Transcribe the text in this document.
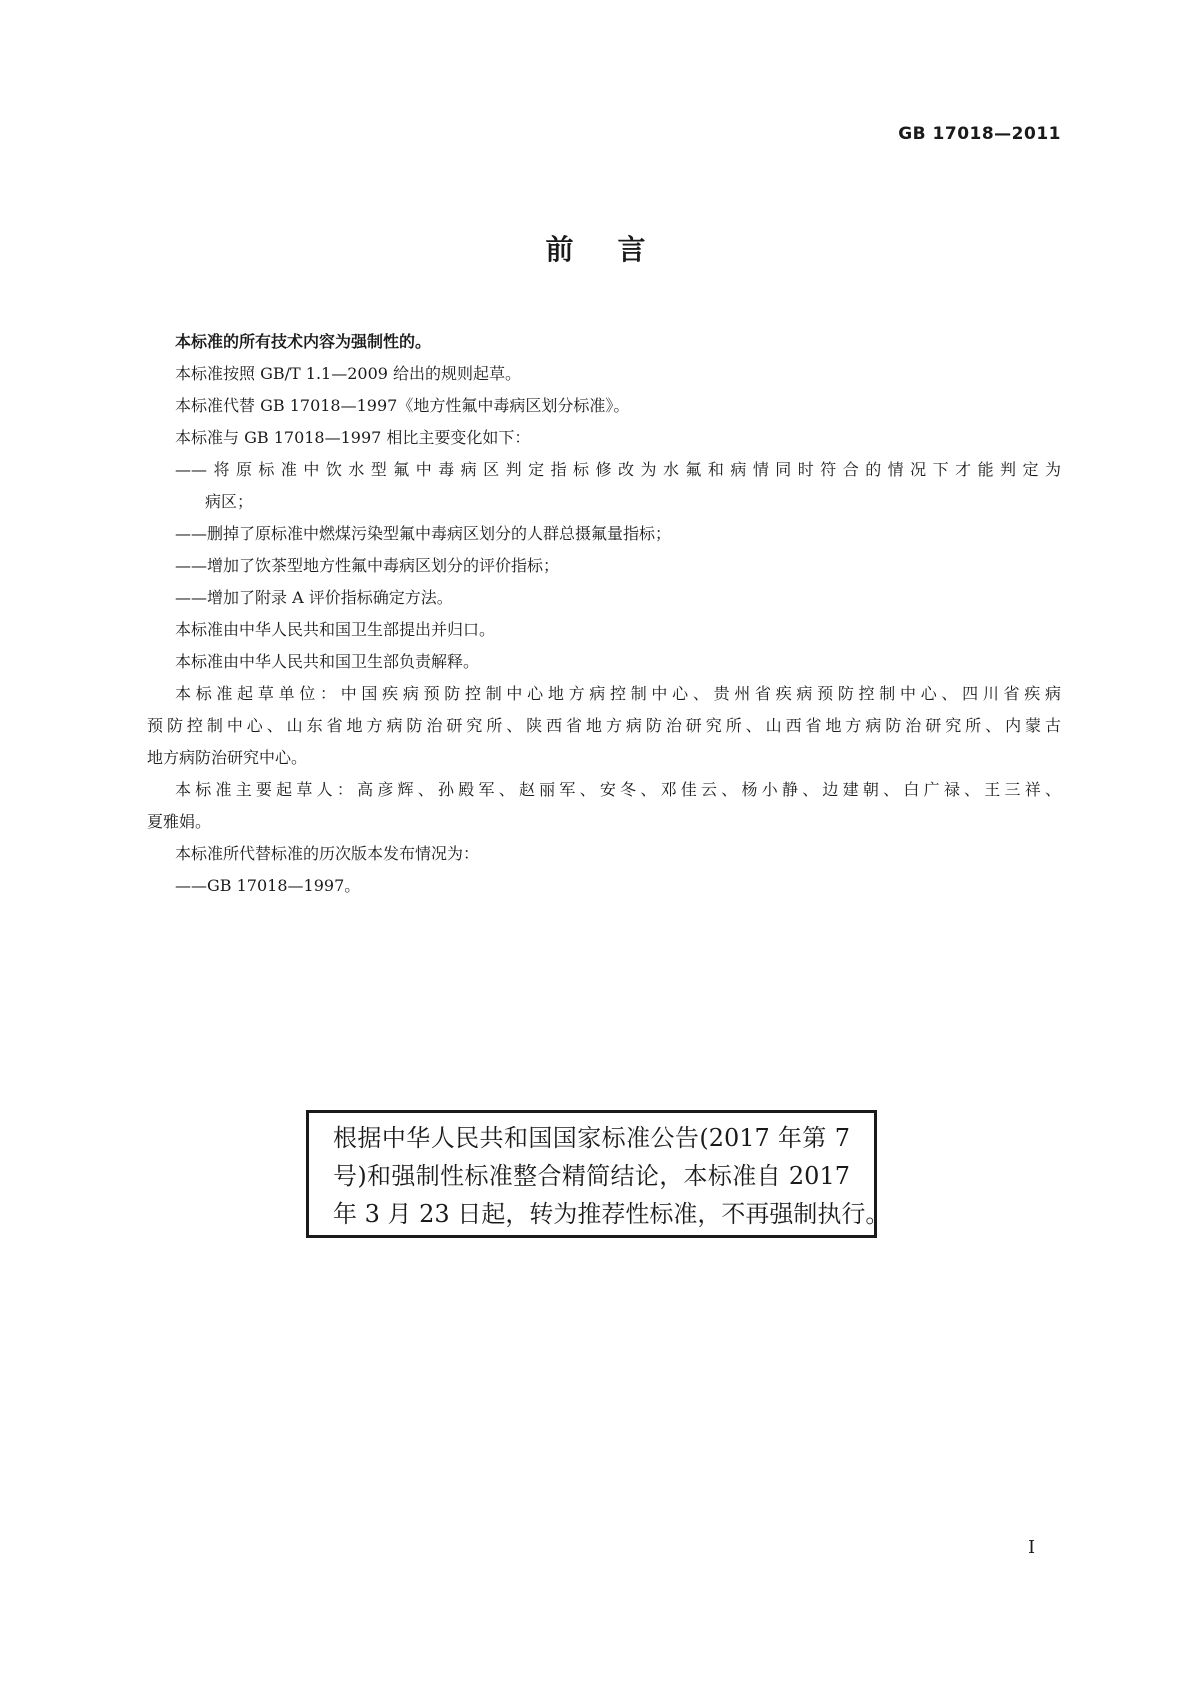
GB 17018—2011
前言
本标准的所有技术内容为强制性的。
本标准按照 GB/T 1.1—2009 给出的规则起草。
本标准代替 GB 17018—1997《地方性氟中毒病区划分标准》。
本标准与 GB 17018—1997 相比主要变化如下：
——将原标准中饮水型氟中毒病区判定指标修改为水氟和病情同时符合的情况下才能判定为
病区；
——删掉了原标准中燃煤污染型氟中毒病区划分的人群总摄氟量指标；
——增加了饮茶型地方性氟中毒病区划分的评价指标；
——增加了附录 A 评价指标确定方法。
本标准由中华人民共和国卫生部提出并归口。
本标准由中华人民共和国卫生部负责解释。
本标准起草单位：中国疾病预防控制中心地方病控制中心、贵州省疾病预防控制中心、四川省疾病
预防控制中心、山东省地方病防治研究所、陕西省地方病防治研究所、山西省地方病防治研究所、内蒙古
地方病防治研究中心。
本标准主要起草人：高彦辉、孙殿军、赵丽军、安冬、邓佳云、杨小静、边建朝、白广禄、王三祥、
夏雅娟。
本标准所代替标准的历次版本发布情况为：
——GB 17018—1997。
根据中华人民共和国国家标准公告(2017 年第 7
号)和强制性标准整合精简结论，本标准自 2017
年 3 月 23 日起，转为推荐性标准，不再强制执行。
I
